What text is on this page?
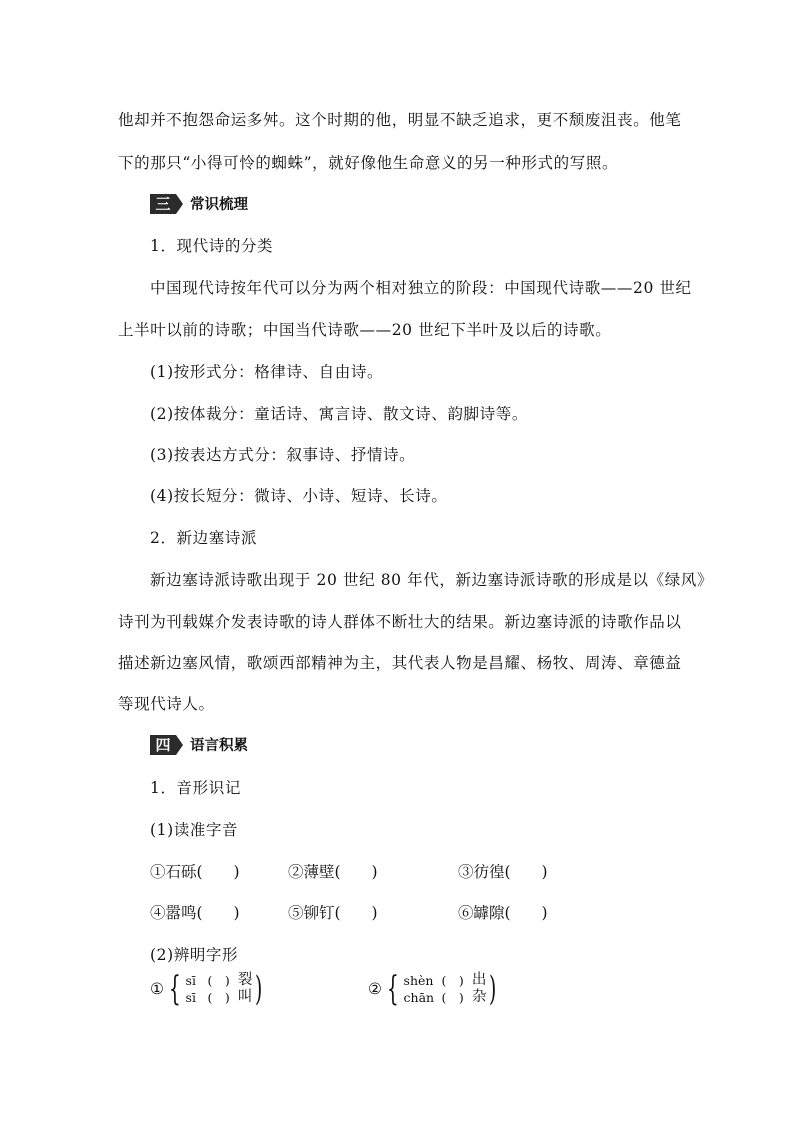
他却并不抱怨命运多舛。这个时期的他，明显不缺乏追求，更不颓废沮丧。他笔
下的那只“小得可怜的蜘蛛”，就好像他生命意义的另一种形式的写照。
三 常识梳理
1．现代诗的分类
中国现代诗按年代可以分为两个相对独立的阶段：中国现代诗歌——20 世纪
上半叶以前的诗歌；中国当代诗歌——20 世纪下半叶及以后的诗歌。
(1)按形式分：格律诗、自由诗。
(2)按体裁分：童话诗、寓言诗、散文诗、韵脚诗等。
(3)按表达方式分：叙事诗、抒情诗。
(4)按长短分：微诗、小诗、短诗、长诗。
2．新边塞诗派
新边塞诗派诗歌出现于 20 世纪 80 年代，新边塞诗派诗歌的形成是以《绿风》
诗刊为刊载媒介发表诗歌的诗人群体不断壮大的结果。新边塞诗派的诗歌作品以
描述新边塞风情，歌颂西部精神为主，其代表人物是昌耀、杨牧、周涛、章德益
等现代诗人。
四 语言积累
1．音形识记
(1)读准字音
①石砾(　　)	②薄壁(　　)	③彷徨(　　)
④嚣鸣(　　)	⑤铆钉(　　)	⑥罅隙(　　)
(2)辨明字形
① { sī (　) 裂
sī (　) 叫 )	② { shèn (　) 出
chān (　) 杂 )
